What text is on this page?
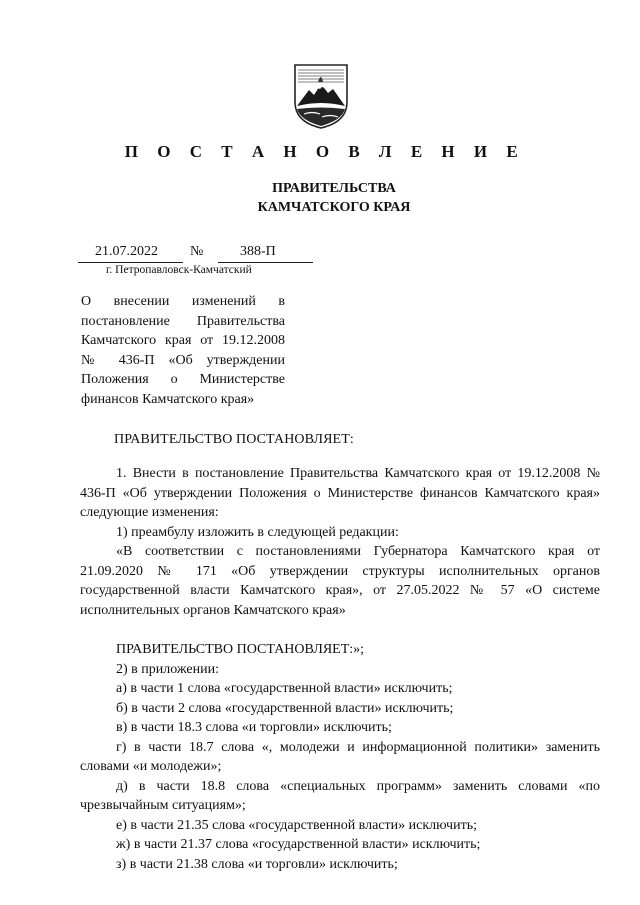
П О С Т А Н О В Л Е Н И Е
ПРАВИТЕЛЬСТВА
КАМЧАТСКОГО КРАЯ
21.07.2022 №	388-П
г. Петропавловск-Камчатский
О внесении изменений в постановление Правительства Камчатского края от 19.12.2008 № 436-П «Об утверждении Положения о Министерстве финансов Камчатского края»
ПРАВИТЕЛЬСТВО ПОСТАНОВЛЯЕТ:

1. Внести в постановление Правительства Камчатского края от 19.12.2008 № 436-П «Об утверждении Положения о Министерстве финансов Камчатского края» следующие изменения:

1) преамбулу изложить в следующей редакции:

«В соответствии с постановлениями Губернатора Камчатского края от 21.09.2020 № 171 «Об утверждении структуры исполнительных органов государственной власти Камчатского края», от 27.05.2022 № 57 «О системе исполнительных органов Камчатского края»

ПРАВИТЕЛЬСТВО ПОСТАНОВЛЯЕТ:»;

2) в приложении:

а) в части 1 слова «государственной власти» исключить;

б) в части 2 слова «государственной власти» исключить;

в) в части 18.3 слова «и торговли» исключить;

г) в части 18.7 слова «, молодежи и информационной политики» заменить словами «и молодежи»;

д) в части 18.8 слова «специальных программ» заменить словами «по чрезвычайным ситуациям»;

е) в части 21.35 слова «государственной власти» исключить;

ж) в части 21.37 слова «государственной власти» исключить;

з) в части 21.38 слова «и торговли» исключить;
